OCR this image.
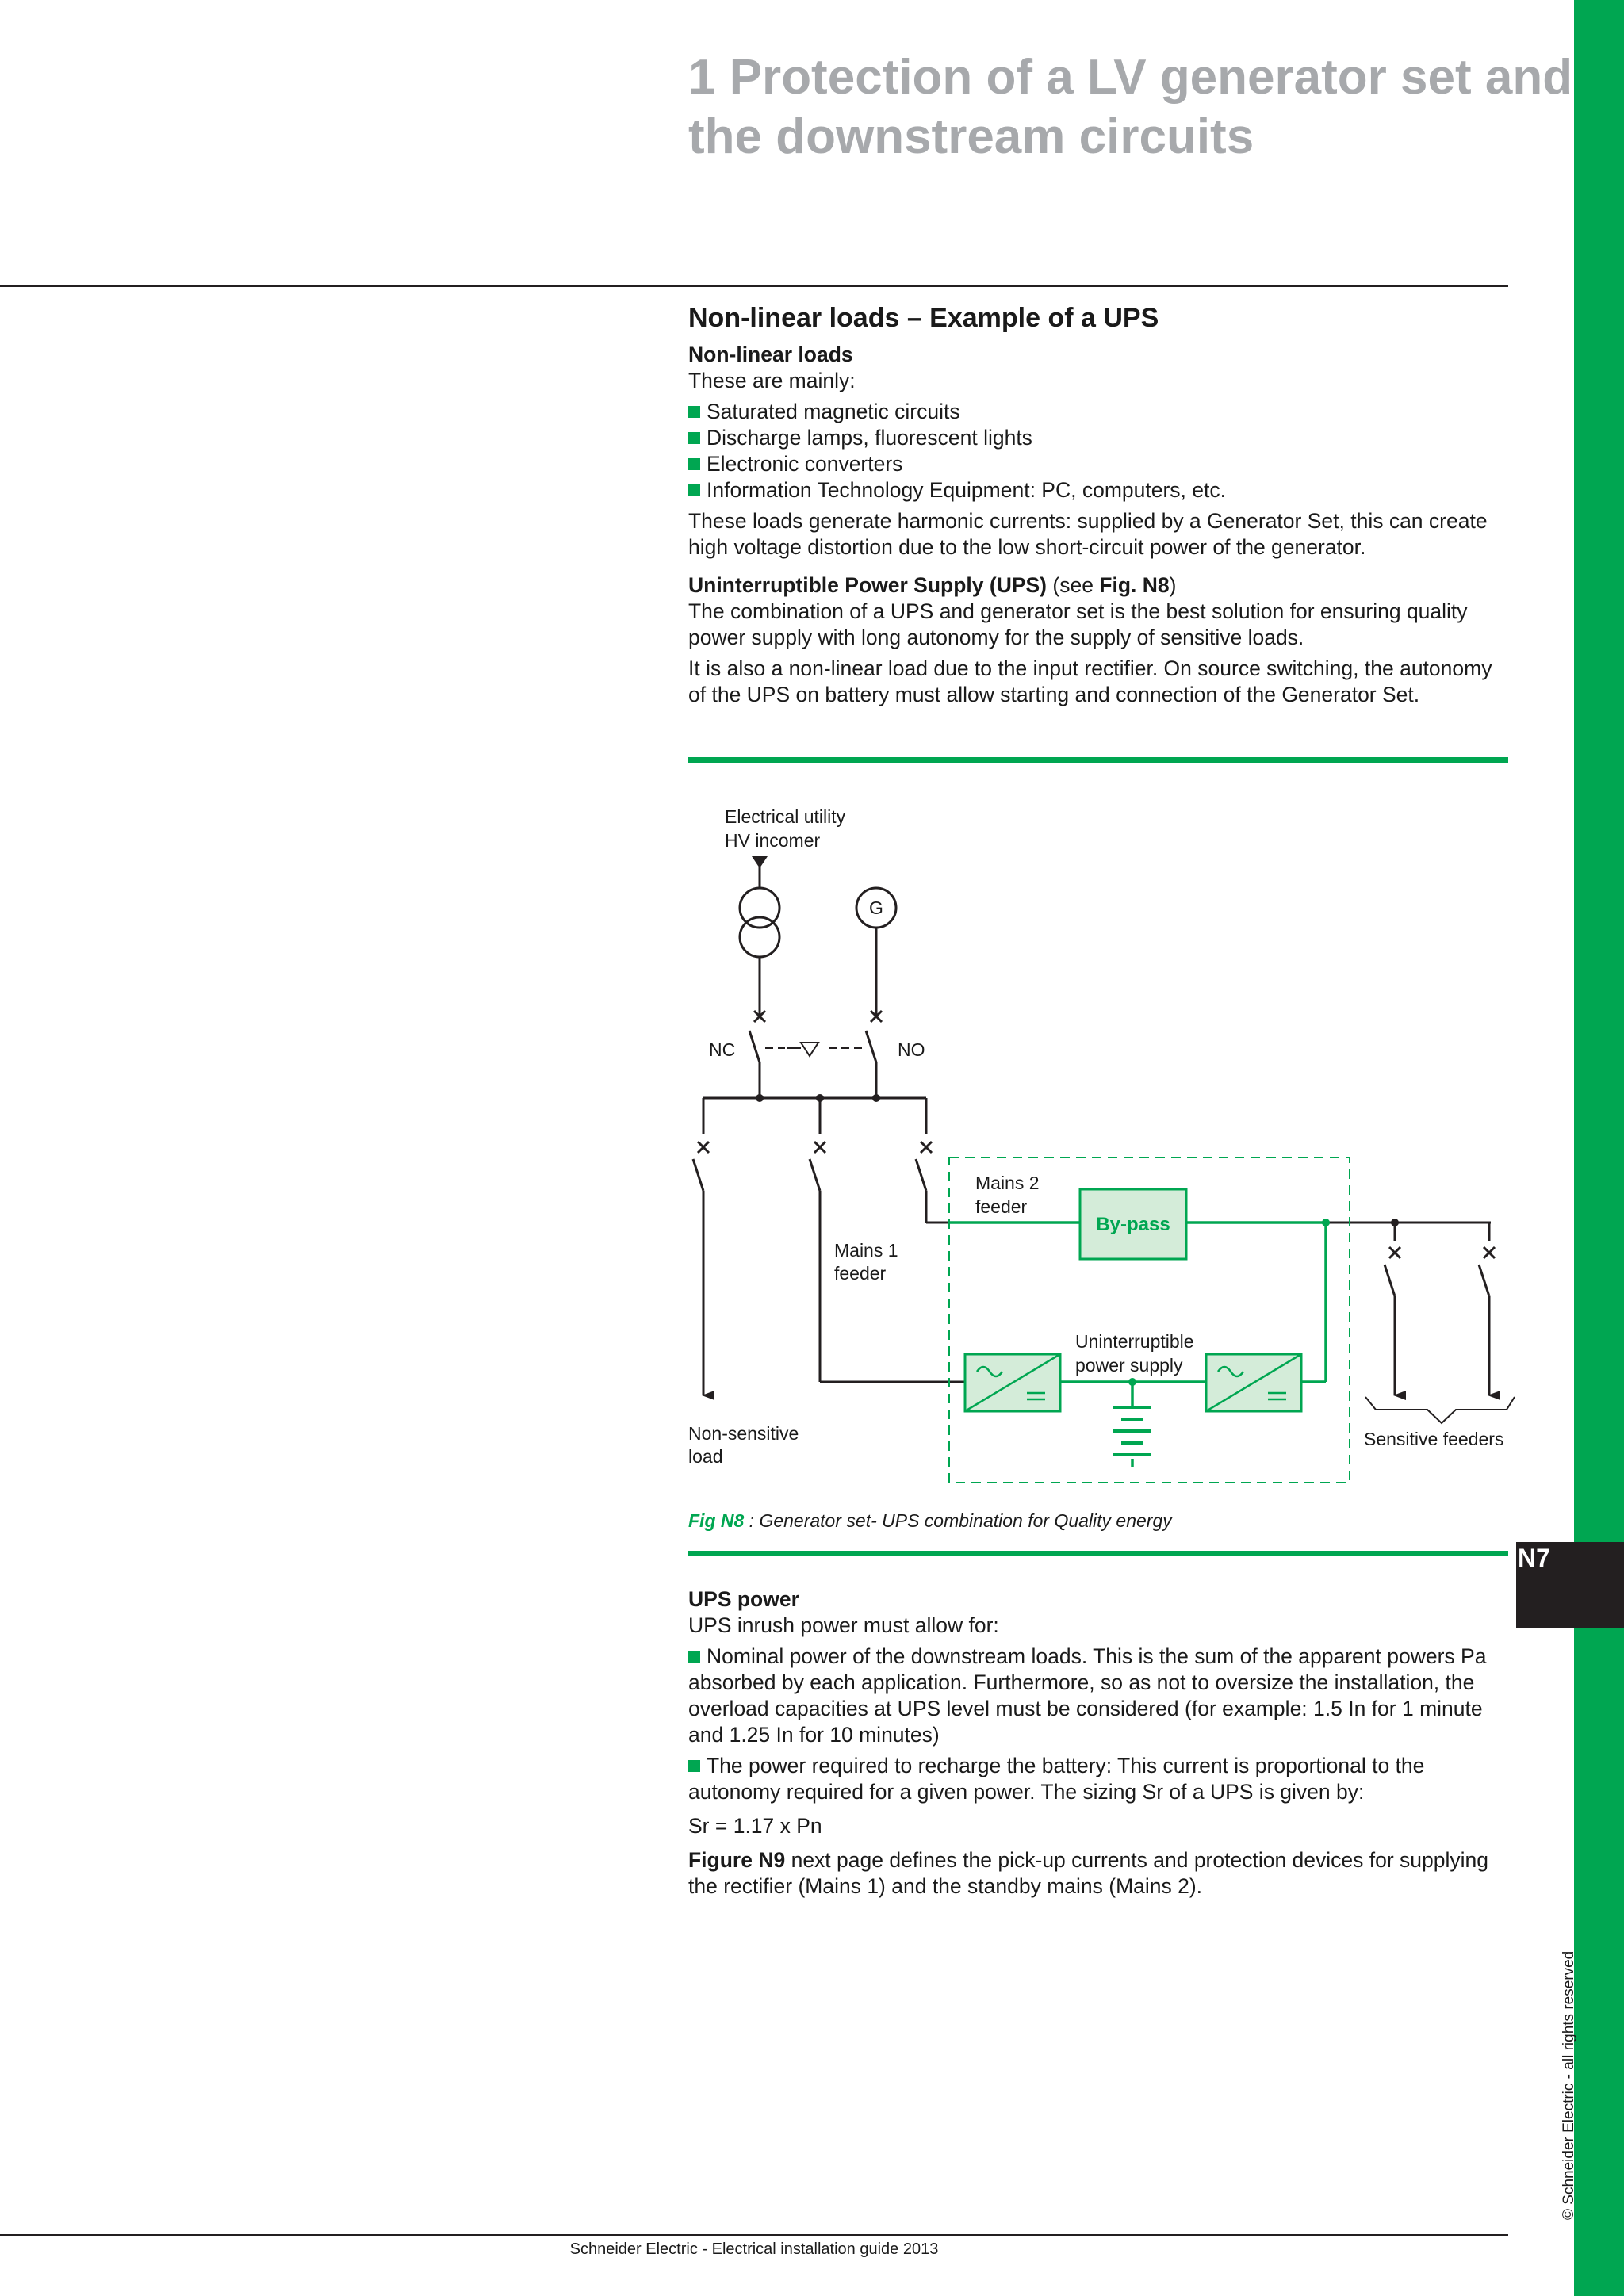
N7
© Schneider Electric - all rights reserved
1 Protection of a LV generator set and the downstream circuits
Non-linear loads – Example of a UPS
Non-linear loads

These are mainly:

Saturated magnetic circuits
Discharge lamps, fluorescent lights
Electronic converters
Information Technology Equipment: PC, computers, etc.

These loads generate harmonic currents: supplied by a Generator Set, this can create high voltage distortion due to the low short-circuit power of the generator.

Uninterruptible Power Supply (UPS) (see Fig. N8)

The combination of a UPS and generator set is the best solution for ensuring quality power supply with long autonomy for the supply of sensitive loads.

It is also a non-linear load due to the input rectifier. On source switching, the autonomy of the UPS on battery must allow starting and connection of the Generator Set.

Electrical utility
HV incomer
G
NC	NO
Mains 2
feeder
Mains 1
feeder
Uninterruptible
power supply
Non-sensitive
load
Sensitive feeders
By-pass
Fig N8 : Generator set- UPS combination for Quality energy
UPS power

UPS inrush power must allow for:

Nominal power of the downstream loads. This is the sum of the apparent powers Pa absorbed by each application. Furthermore, so as not to oversize the installation, the overload capacities at UPS level must be considered (for example: 1.5 In for 1 minute and 1.25 In for 10 minutes)

The power required to recharge the battery: This current is proportional to the autonomy required for a given power. The sizing Sr of a UPS is given by:

Sr = 1.17 x Pn

Figure N9 next page defines the pick-up currents and protection devices for supplying the rectifier (Mains 1) and the standby mains (Mains 2).

Schneider Electric - Electrical installation guide 2013
